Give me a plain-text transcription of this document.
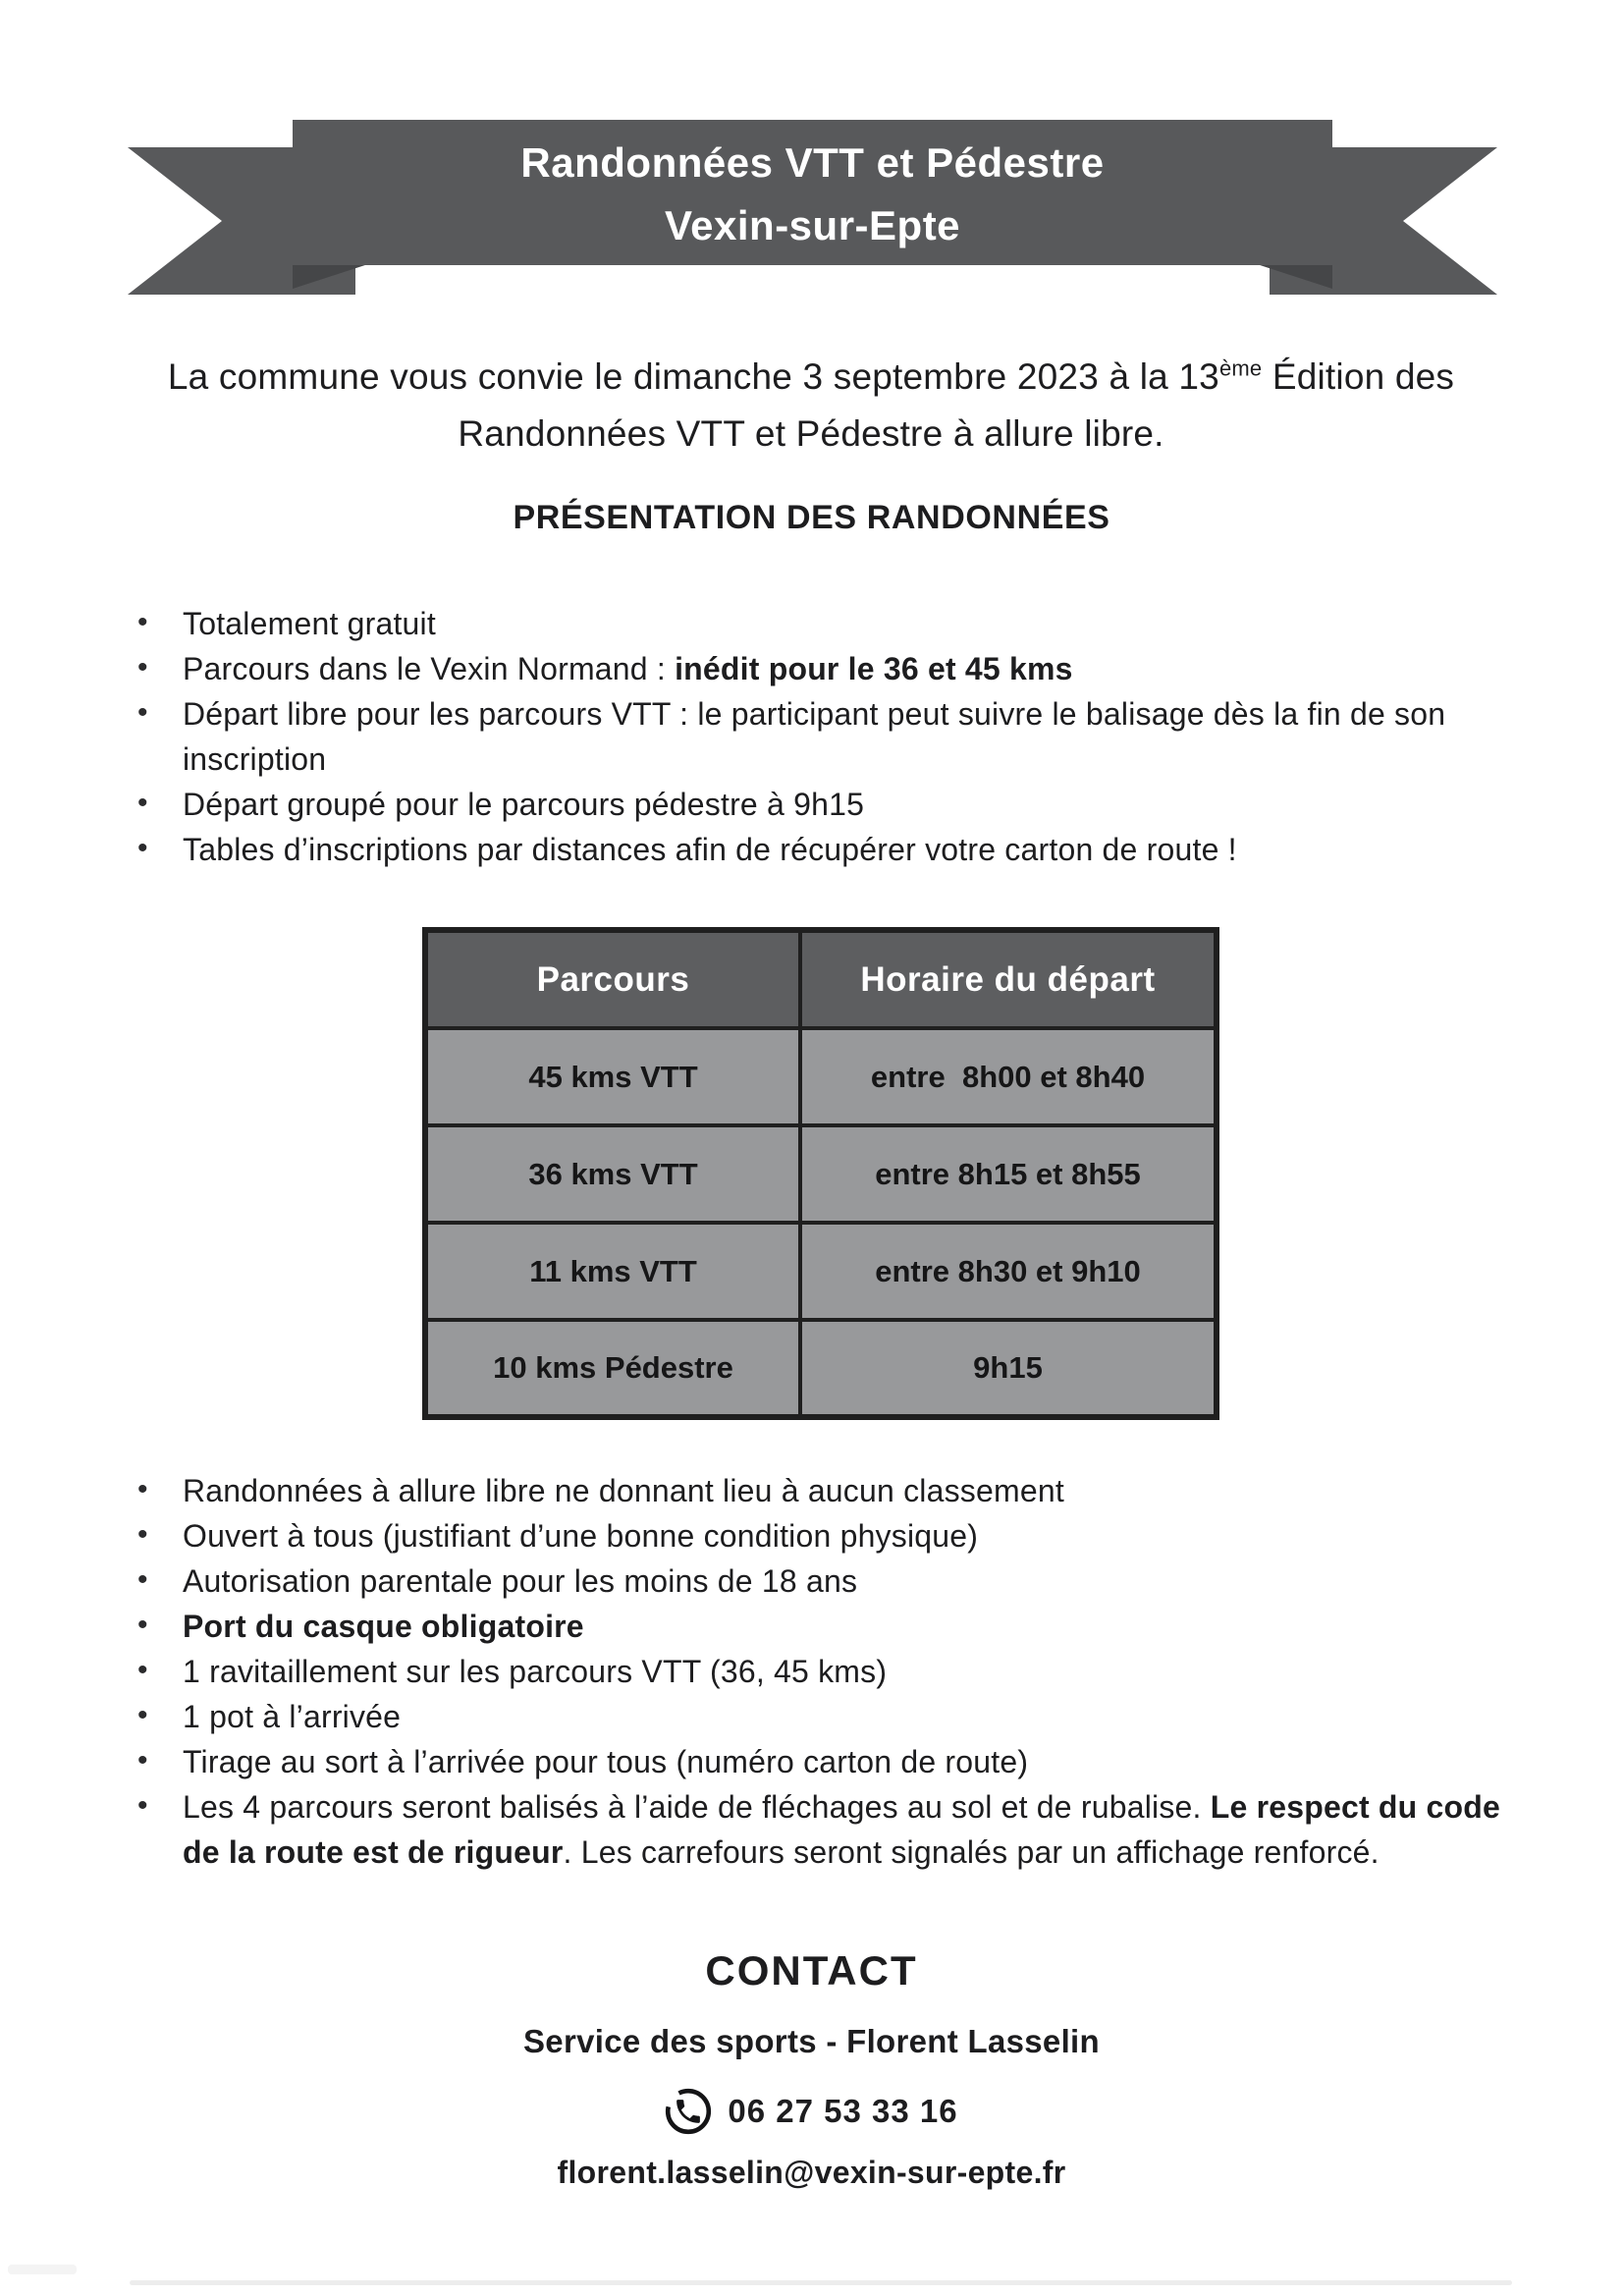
Randonnées VTT et Pédestre
Vexin-sur-Epte

La commune vous convie le dimanche 3 septembre 2023 à la 13ème Édition des Randonnées VTT et Pédestre à allure libre.

PRÉSENTATION DES RANDONNÉES
• Totalement gratuit
• Parcours dans le Vexin Normand : inédit pour le 36 et 45 kms
• Départ libre pour les parcours VTT : le participant peut suivre le balisage dès la fin de son inscription
• Départ groupé pour le parcours pédestre à 9h15
• Tables d’inscriptions par distances afin de récupérer votre carton de route !
Parcours	Horaire du départ
45 kms VTT	entre  8h00 et 8h40
36 kms VTT	entre 8h15 et 8h55
11 kms VTT	entre 8h30 et 9h10
10 kms Pédestre	9h15
• Randonnées à allure libre ne donnant lieu à aucun classement
• Ouvert à tous (justifiant d’une bonne condition physique)
• Autorisation parentale pour les moins de 18 ans
• Port du casque obligatoire
• 1 ravitaillement sur les parcours VTT (36, 45 kms)
• 1 pot à l’arrivée
• Tirage au sort à l’arrivée pour tous (numéro carton de route)
• Les 4 parcours seront balisés à l’aide de fléchages au sol et de rubalise. Le respect du code de la route est de rigueur. Les carrefours seront signalés par un affichage renforcé.
CONTACT

Service des sports - Florent Lasselin

06 27 53 33 16

florent.lasselin@vexin-sur-epte.fr
